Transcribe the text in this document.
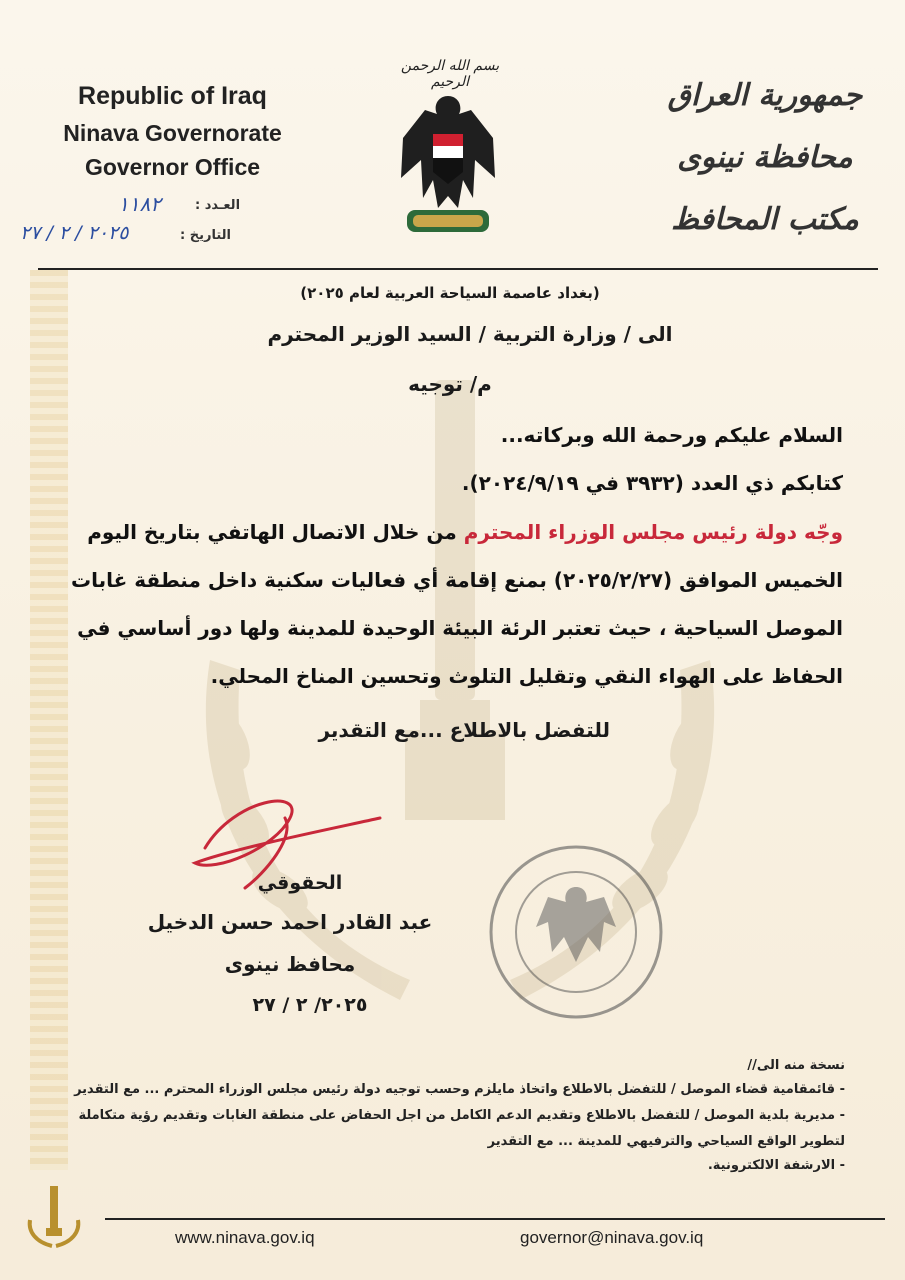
Republic of Iraq
Ninava Governorate
Governor Office
العـدد :
١١٨٢
التاريخ :
٢٠٢٥ / ٢ / ٢٧
بسم الله الرحمن الرحيم	جمهورية العراق
محافظة نينوى
مكتب المحافظ
(بغداد عاصمة السياحة العربية لعام ٢٠٢٥)
الى / وزارة التربية / السيد الوزير المحترم
م/ توجيه
السلام عليكم ورحمة الله وبركاته...
كتابكم ذي العدد (٣٩٣٢ في ٢٠٢٤/٩/١٩).
وجّه دولة رئيس مجلس الوزراء المحترم من خلال الاتصال الهاتفي بتاريخ اليوم
الخميس الموافق (٢٠٢٥/٢/٢٧) بمنع إقامة أي فعاليات سكنية داخل منطقة غابات
الموصل السياحية ، حيث تعتبر الرئة البيئة الوحيدة للمدينة ولها دور أساسي في
الحفاظ على الهواء النقي وتقليل التلوث وتحسين المناخ المحلي.
للتفضل بالاطلاع ...مع التقدير
الحقوقي
عبد القادر احمد حسن الدخيل
محافظ نينوى
٢٠٢٥/ ٢ / ٢٧
نسخة منه الى//
- قائمقامية قضاء الموصل / للتفضل بالاطلاع واتخاذ مايلزم وحسب توجيه دولة رئيس مجلس الوزراء المحترم ... مع التقدير
- مديرية بلدية الموصل / للتفضل بالاطلاع وتقديم الدعم الكامل من اجل الحفاض على منطقة الغابات وتقديم رؤية متكاملة
لتطوير الواقع السياحي والترفيهي للمدينة ... مع التقدير
- الارشفة الالكترونية.
www.ninava.gov.iq	governor@ninava.gov.iq
